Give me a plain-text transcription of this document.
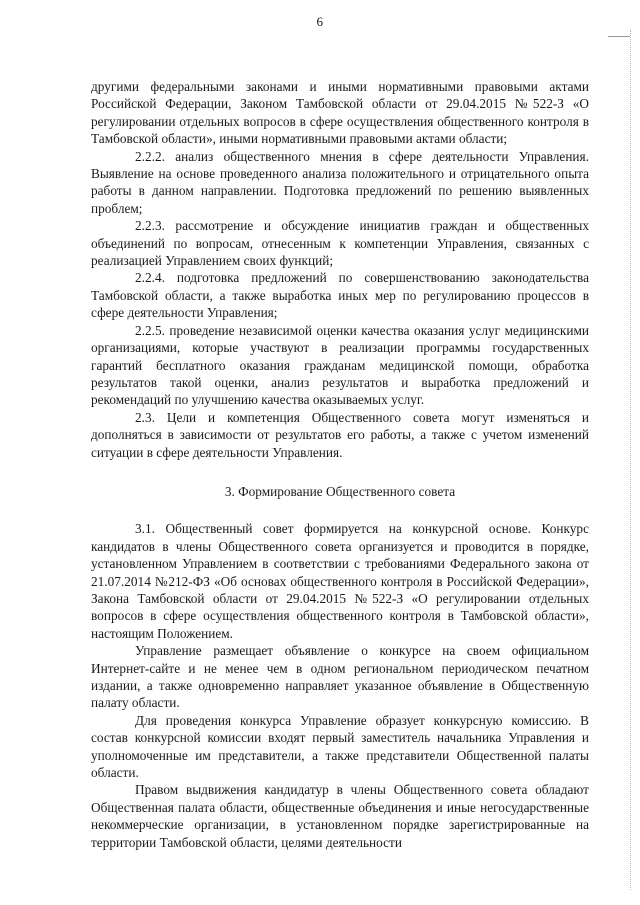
6

другими федеральными законами и иными нормативными правовыми актами Российской Федерации, Законом Тамбовской области от 29.04.2015 №522-З «О регулировании отдельных вопросов в сфере осуществления общественного контроля в Тамбовской области», иными нормативными правовыми актами области;

2.2.2. анализ общественного мнения в сфере деятельности Управления. Выявление на основе проведенного анализа положительного и отрицательного опыта работы в данном направлении. Подготовка предложений по решению выявленных проблем;

2.2.3. рассмотрение и обсуждение инициатив граждан и общественных объединений по вопросам, отнесенным к компетенции Управления, связанных с реализацией Управлением своих функций;

2.2.4. подготовка предложений по совершенствованию законодательства Тамбовской области, а также выработка иных мер по регулированию процессов в сфере деятельности Управления;

2.2.5. проведение независимой оценки качества оказания услуг медицинскими организациями, которые участвуют в реализации программы государственных гарантий бесплатного оказания гражданам медицинской помощи, обработка результатов такой оценки, анализ результатов и выработка предложений и рекомендаций по улучшению качества оказываемых услуг.

2.3. Цели и компетенция Общественного совета могут изменяться и дополняться в зависимости от результатов его работы, а также с учетом изменений ситуации в сфере деятельности Управления.

3. Формирование Общественного совета

3.1. Общественный совет формируется на конкурсной основе. Конкурс кандидатов в члены Общественного совета организуется и проводится в порядке, установленном Управлением в соответствии с требованиями Федерального закона от 21.07.2014 №212-ФЗ «Об основах общественного контроля в Российской Федерации», Закона Тамбовской области от 29.04.2015 №522-З «О регулировании отдельных вопросов в сфере осуществления общественного контроля в Тамбовской области», настоящим Положением.

Управление размещает объявление о конкурсе на своем официальном Интернет-сайте и не менее чем в одном региональном периодическом печатном издании, а также одновременно направляет указанное объявление в Общественную палату области.

Для проведения конкурса Управление образует конкурсную комиссию. В состав конкурсной комиссии входят первый заместитель начальника Управления и уполномоченные им представители, а также представители Общественной палаты области.

Правом выдвижения кандидатур в члены Общественного совета обладают Общественная палата области, общественные объединения и иные негосударственные некоммерческие организации, в установленном порядке зарегистрированные на территории Тамбовской области, целями деятельности
